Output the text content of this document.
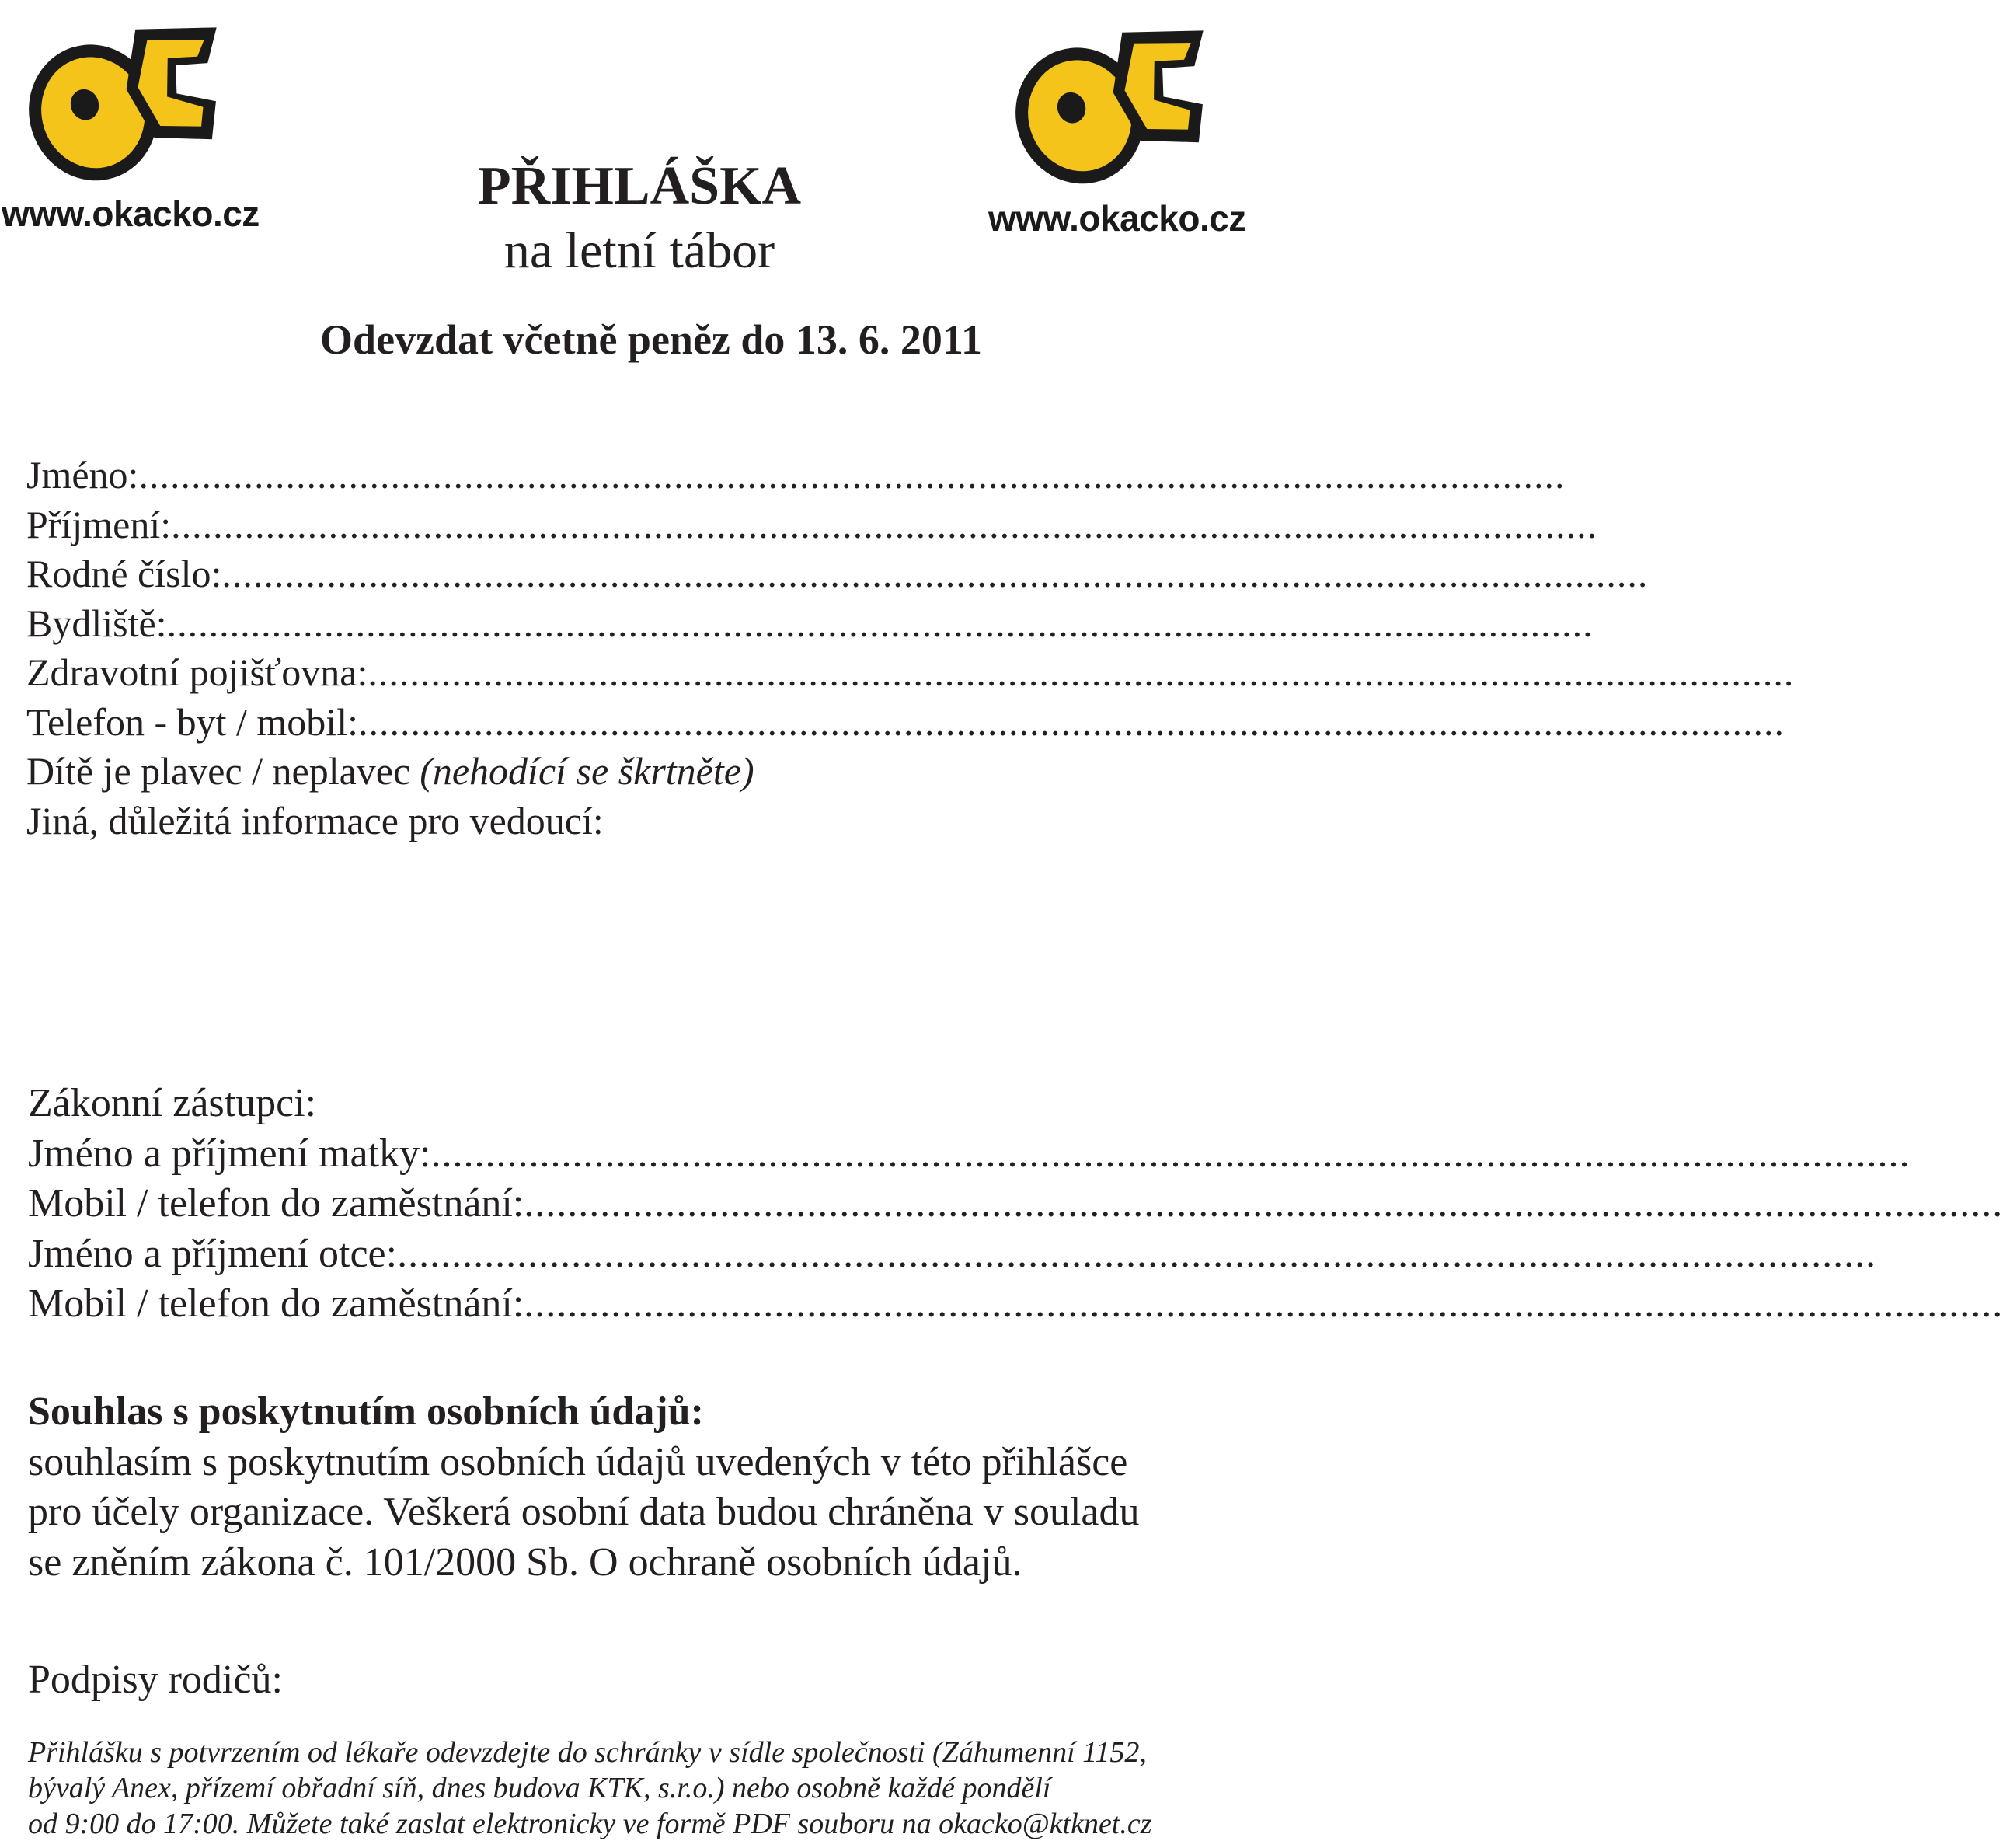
www.okacko.cz	www.okacko.cz
PŘIHLÁŠKA
na letní tábor
Odevzdat včetně peněz do 13. 6. 2011
Jméno: ........................................................................................................................................
Příjmení: ........................................................................................................................................
Rodné číslo: ........................................................................................................................................
Bydliště: ........................................................................................................................................
Zdravotní pojišťovna: ........................................................................................................................................
Telefon - byt / mobil: ........................................................................................................................................
Dítě je plavec / neplavec (nehodící se škrtněte)
Jiná, důležitá informace pro vedoucí:
Zákonní zástupci:
Jméno a příjmení matky: ........................................................................................................................................
Mobil / telefon do zaměstnání: ........................................................................................................................................
Jméno a příjmení otce: ........................................................................................................................................
Mobil / telefon do zaměstnání: ........................................................................................................................................
Souhlas s poskytnutím osobních údajů:
souhlasím s poskytnutím osobních údajů uvedených v této přihlášce
pro účely organizace. Veškerá osobní data budou chráněna v souladu
se zněním zákona č. 101/2000 Sb. O ochraně osobních údajů.
Podpisy rodičů:
Přihlášku s potvrzením od lékaře odevzdejte do schránky v sídle společnosti (Záhumenní 1152,
bývalý Anex, přízemí obřadní síň, dnes budova KTK, s.r.o.) nebo osobně každé pondělí
od 9:00 do 17:00. Můžete také zaslat elektronicky ve formě PDF souboru na okacko@ktknet.cz
